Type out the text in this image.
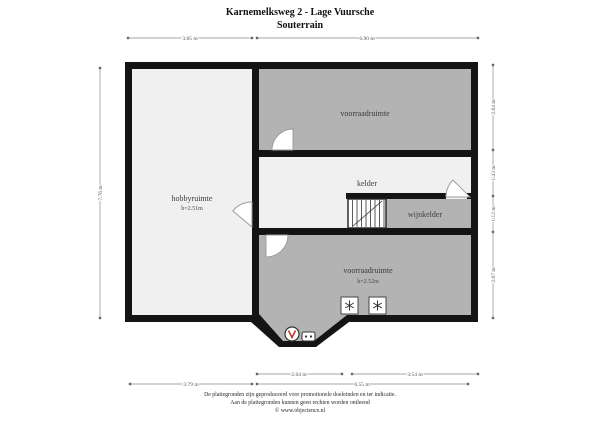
Karnemelksweg 2 - Lage Vuursche
Souterrain
hobbyruimte
h=2.51m
voorraadruimte
kelder
wijnkelder
voorraadruimte
h=2.52m
3.85 m	6.90 m
2.64 m	3.54 m
3.79 m	6.55 m
7.76 m
2.64 m
1.43 m
1.12 m
2.67 m
De plattegronden zijn geproduceerd voor promotionele doeleinden en ter indicatie.
Aan de plattegronden kunnen geen rechten worden ontleend
© www.objectence.nl
